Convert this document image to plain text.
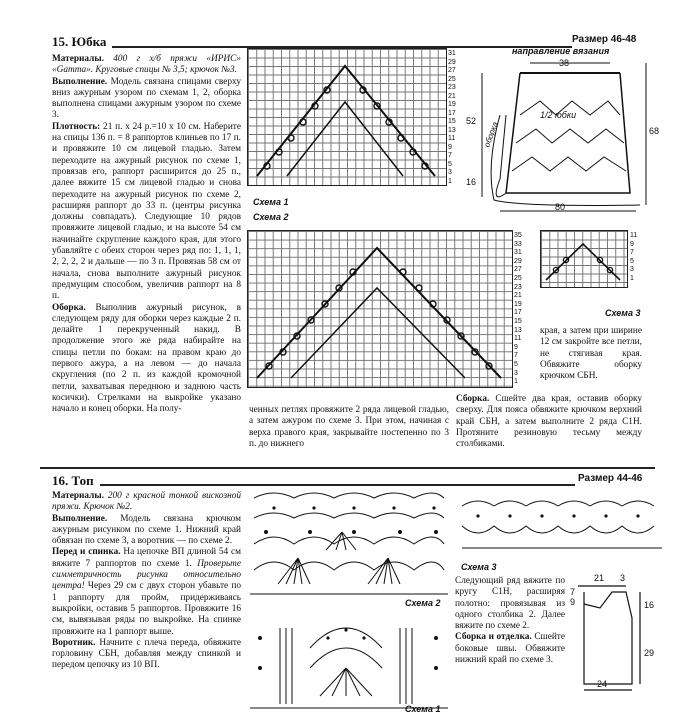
15. Юбка	Размер 46-48
Материалы. 400 г х/б пряжи «ИРИС» «Gamma». Круговые спицы № 3,5; крючок №3.
Выполнение. Модель связана спицами сверху вниз ажурным узором по схемам 1, 2, оборка выполнена спицами ажурным узором по схеме 3.
Плотность: 21 п. х 24 р.=10 х 10 см. Наберите на спицы 136 п. = 8 раппортов клиньев по 17 п. и провяжите 10 см лицевой гладью. Затем переходите на ажурный рисунок по схеме 1, провязав его, раппорт расширится до 25 п., далее вяжите 15 см лицевой гладью и снова переходите на ажурный рисунок по схеме 2, расширяя раппорт до 33 п. (центры рисунка должны совпадать). Следующие 10 рядов провяжите лицевой гладью, и на высоте 54 см начинайте скругление каждого края, для этого убавляйте с обеих сторон через ряд по: 1, 1, 1, 2, 2, 2, 2 и дальше — по 3 п. Провязав 58 см от начала, снова выполните ажурный рисунок предмущим способом, увеличив раппорт на 8 п.
Оборка. Выполнив ажурный рисунок, в следующем ряду для оборки через каждые 2 п. делайте 1 перекрученный накид. В продолжение этого же ряда набирайте на спицы петли по бокам: на правом краю до первого ажура, а на левом — до начала скругления (по 2 п. из каждой кромочной петли, захватывая переднюю и заднюю часть косички). Стрелками на выкройке указано начало и конец оборки. На полу-
31
29
27
25
23
21
19
17
15
13
11
9
7
5
3
1
Схема 1
Схема 2
35
33
31
29
27
25
23
21
19
17
15
13
11
9
7
5
3
1
11
9
7
5
3
1
Схема 3
направление вязания
38
52
68
80
16
1/2 юбки
оборка
ченных петлях провяжите 2 ряда лицевой гладью, а затем ажуром по схеме 3. При этом, начиная с верха правого края, закрывайте постепенно по 3 п. до нижнего
края, а затем при ширине 12 см закройте все петли, не стягивая края. Обвяжите оборку крючком СБН.
Сборка. Сшейте два края, оставив оборку сверху. Для пояса обвяжите крючком верхний край СБН, а затем выполните 2 ряда С1Н. Протяните резиновую тесьму между столбиками.
16. Топ	Размер 44-46
Материалы. 200 г красной тонкой вискозной пряжи. Крючок №2.
Выполнение. Модель связана крючком ажурным рисунком по схеме 1. Нижний край обвязан по схеме 3, а воротник — по схеме 2.
Перед и спинка. На цепочке ВП длиной 54 см вяжите 7 раппортов по схеме 1. Проверьте симметричность рисунка относительно центра! Через 29 см с двух сторон убавьте по 1 раппорту для пройм, придерживаясь выкройки, оставив 5 раппортов. Провяжите 16 см, вывязывая ряды по выкройке. На спинке провяжите на 1 раппорт выше.
Воротник. Начните с плеча переда, обвяжите горловину СБН, добавляя между спинкой и передом цепочку из 10 ВП.
Схема 2
Схема 1
Схема 3
Следующий ряд вяжите по кругу С1Н, расширяя полотно: провязывая из одного столбика 2. Далее вяжите по схеме 2.
Сборка и отделка. Сшейте боковые швы. Обвяжите нижний край по схеме 3.
21 3
7
9	16
29
24
